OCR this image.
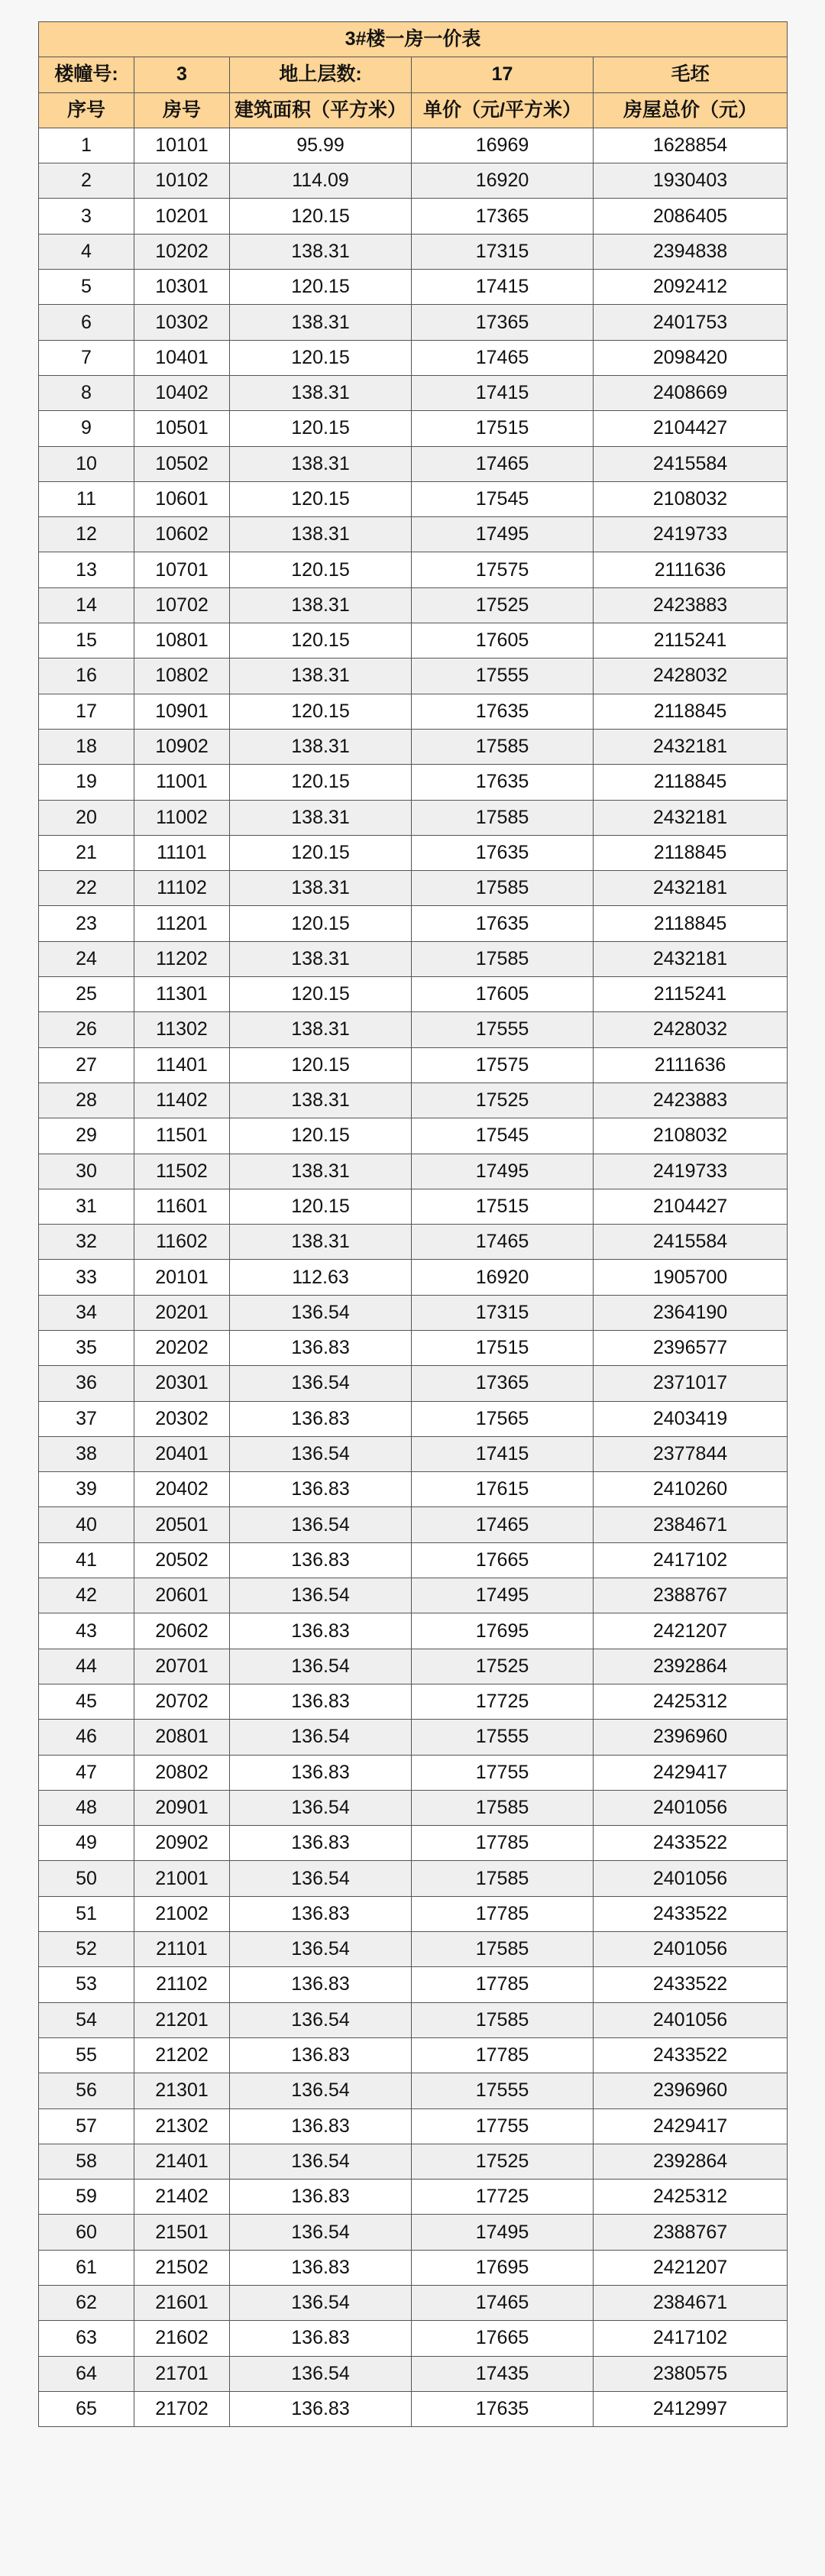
3#楼一房一价表				
楼幢号:	3	地上层数:	17	毛坯
序号	房号	建筑面积（平方米）	单价（元/平方米）	房屋总价（元）
1	10101	95.99	16969	1628854
2	10102	114.09	16920	1930403
3	10201	120.15	17365	2086405
4	10202	138.31	17315	2394838
5	10301	120.15	17415	2092412
6	10302	138.31	17365	2401753
7	10401	120.15	17465	2098420
8	10402	138.31	17415	2408669
9	10501	120.15	17515	2104427
10	10502	138.31	17465	2415584
11	10601	120.15	17545	2108032
12	10602	138.31	17495	2419733
13	10701	120.15	17575	2111636
14	10702	138.31	17525	2423883
15	10801	120.15	17605	2115241
16	10802	138.31	17555	2428032
17	10901	120.15	17635	2118845
18	10902	138.31	17585	2432181
19	11001	120.15	17635	2118845
20	11002	138.31	17585	2432181
21	11101	120.15	17635	2118845
22	11102	138.31	17585	2432181
23	11201	120.15	17635	2118845
24	11202	138.31	17585	2432181
25	11301	120.15	17605	2115241
26	11302	138.31	17555	2428032
27	11401	120.15	17575	2111636
28	11402	138.31	17525	2423883
29	11501	120.15	17545	2108032
30	11502	138.31	17495	2419733
31	11601	120.15	17515	2104427
32	11602	138.31	17465	2415584
33	20101	112.63	16920	1905700
34	20201	136.54	17315	2364190
35	20202	136.83	17515	2396577
36	20301	136.54	17365	2371017
37	20302	136.83	17565	2403419
38	20401	136.54	17415	2377844
39	20402	136.83	17615	2410260
40	20501	136.54	17465	2384671
41	20502	136.83	17665	2417102
42	20601	136.54	17495	2388767
43	20602	136.83	17695	2421207
44	20701	136.54	17525	2392864
45	20702	136.83	17725	2425312
46	20801	136.54	17555	2396960
47	20802	136.83	17755	2429417
48	20901	136.54	17585	2401056
49	20902	136.83	17785	2433522
50	21001	136.54	17585	2401056
51	21002	136.83	17785	2433522
52	21101	136.54	17585	2401056
53	21102	136.83	17785	2433522
54	21201	136.54	17585	2401056
55	21202	136.83	17785	2433522
56	21301	136.54	17555	2396960
57	21302	136.83	17755	2429417
58	21401	136.54	17525	2392864
59	21402	136.83	17725	2425312
60	21501	136.54	17495	2388767
61	21502	136.83	17695	2421207
62	21601	136.54	17465	2384671
63	21602	136.83	17665	2417102
64	21701	136.54	17435	2380575
65	21702	136.83	17635	2412997
